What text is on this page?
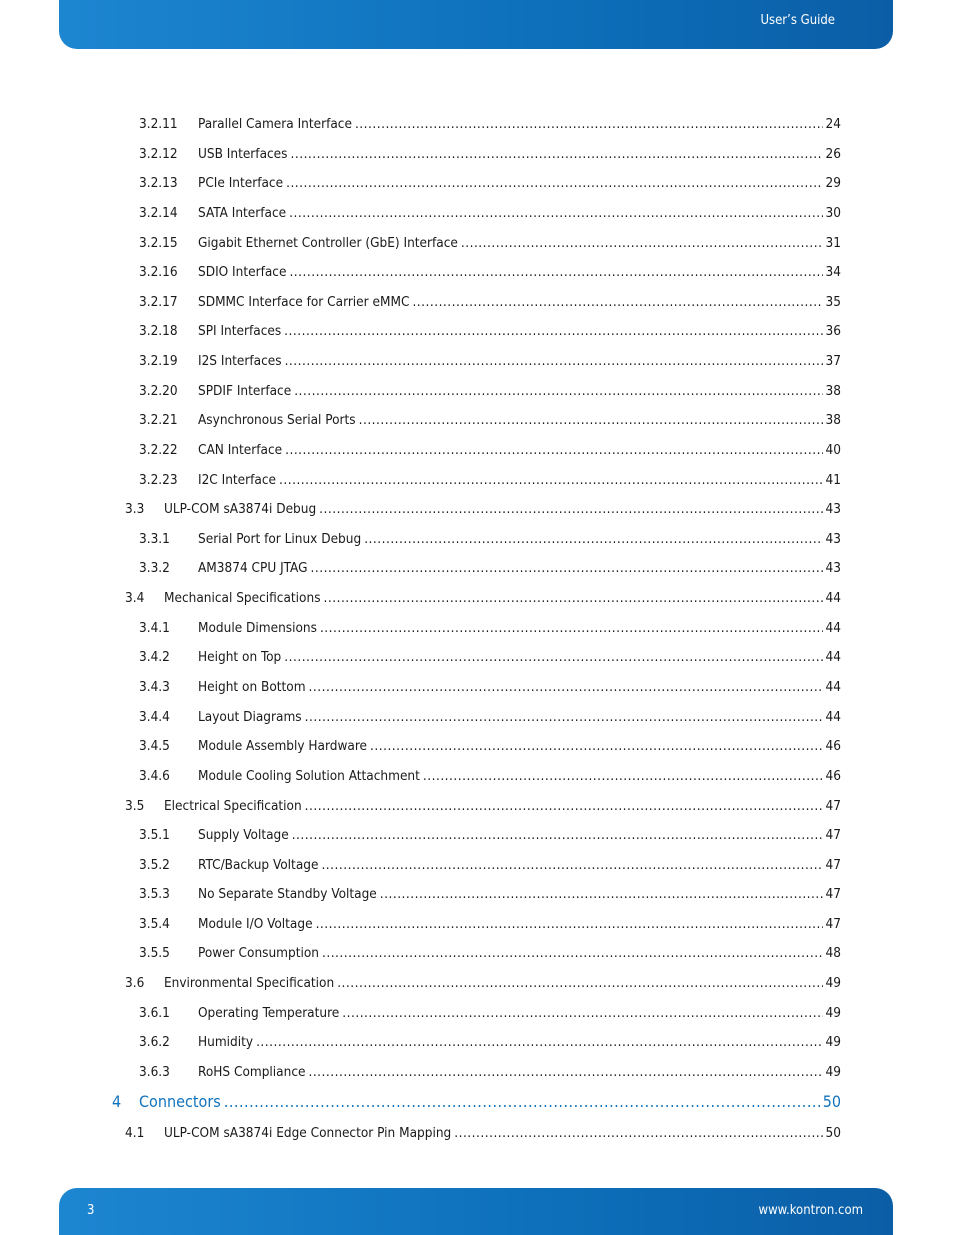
User’s Guide
3.2.11	Parallel Camera Interface .....	24
3.2.12	USB Interfaces .....	26
3.2.13	PCIe Interface .....	29
3.2.14	SATA Interface .....	30
3.2.15	Gigabit Ethernet Controller (GbE) Interface .....	31
3.2.16	SDIO Interface .....	34
3.2.17	SDMMC Interface for Carrier eMMC .....	35
3.2.18	SPI Interfaces .....	36
3.2.19	I2S Interfaces .....	37
3.2.20	SPDIF Interface .....	38
3.2.21	Asynchronous Serial Ports .....	38
3.2.22	CAN Interface .....	40
3.2.23	I2C Interface .....	41
3.3	ULP-COM sA3874i Debug .....	43
3.3.1	Serial Port for Linux Debug .....	43
3.3.2	AM3874 CPU JTAG .....	43
3.4	Mechanical Specifications .....	44
3.4.1	Module Dimensions .....	44
3.4.2	Height on Top .....	44
3.4.3	Height on Bottom .....	44
3.4.4	Layout Diagrams .....	44
3.4.5	Module Assembly Hardware .....	46
3.4.6	Module Cooling Solution Attachment .....	46
3.5	Electrical Specification .....	47
3.5.1	Supply Voltage .....	47
3.5.2	RTC/Backup Voltage .....	47
3.5.3	No Separate Standby Voltage .....	47
3.5.4	Module I/O Voltage .....	47
3.5.5	Power Consumption .....	48
3.6	Environmental Specification .....	49
3.6.1	Operating Temperature .....	49
3.6.2	Humidity .....	49
3.6.3	RoHS Compliance .....	49
4	Connectors .....	50
4.1	ULP-COM sA3874i Edge Connector Pin Mapping .....	50
3	www.kontron.com
